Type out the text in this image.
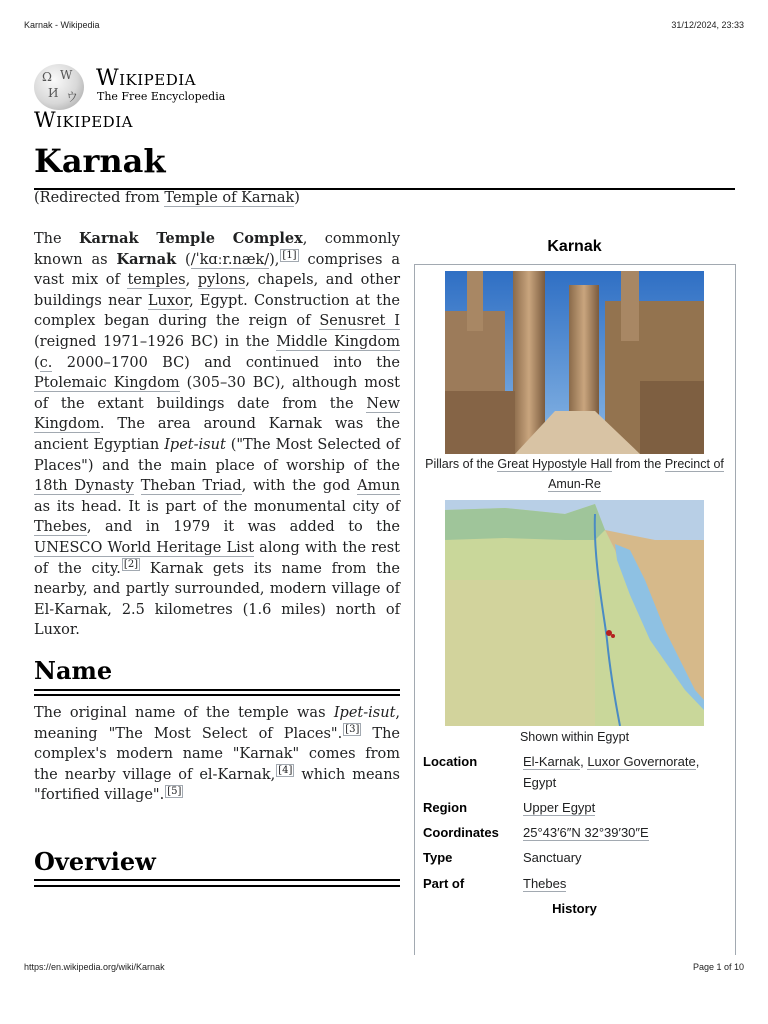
Karnak - Wikipedia	31/12/2024, 23:33
Ω W
И ウ
Wikipedia
The Free Encyclopedia
Wikipedia
Karnak
(Redirected from Temple of Karnak)
The Karnak Temple Complex, commonly known as Karnak (/ˈkɑːr.næk/), [1] comprises a vast mix of temples, pylons, chapels, and other buildings near Luxor, Egypt. Construction at the complex began during the reign of Senusret I (reigned 1971–1926 BC) in the Middle Kingdom (c. 2000–1700 BC) and continued into the Ptolemaic Kingdom (305–30 BC), although most of the extant buildings date from the New Kingdom. The area around Karnak was the ancient Egyptian Ipet-isut ("The Most Selected of Places") and the main place of worship of the 18th Dynasty Theban Triad, with the god Amun as its head. It is part of the monumental city of Thebes, and in 1979 it was added to the UNESCO World Heritage List along with the rest of the city. [2] Karnak gets its name from the nearby, and partly surrounded, modern village of El-Karnak, 2.5 kilometres (1.6 miles) north of Luxor.
Name
The original name of the temple was Ipet-isut, meaning "The Most Select of Places". [3] The complex's modern name "Karnak" comes from the nearby village of el-Karnak, [4] which means "fortified village". [5]
Overview
Karnak
Pillars of the Great Hypostyle Hall from the Precinct of Amun-Re
Shown within Egypt
Location	El-Karnak, Luxor Governorate, Egypt
Region	Upper Egypt
Coordinates 25°43′6″N 32°39′30″E
Type	Sanctuary
Part of	Thebes
History
https://en.wikipedia.org/wiki/Karnak	Page 1 of 10
